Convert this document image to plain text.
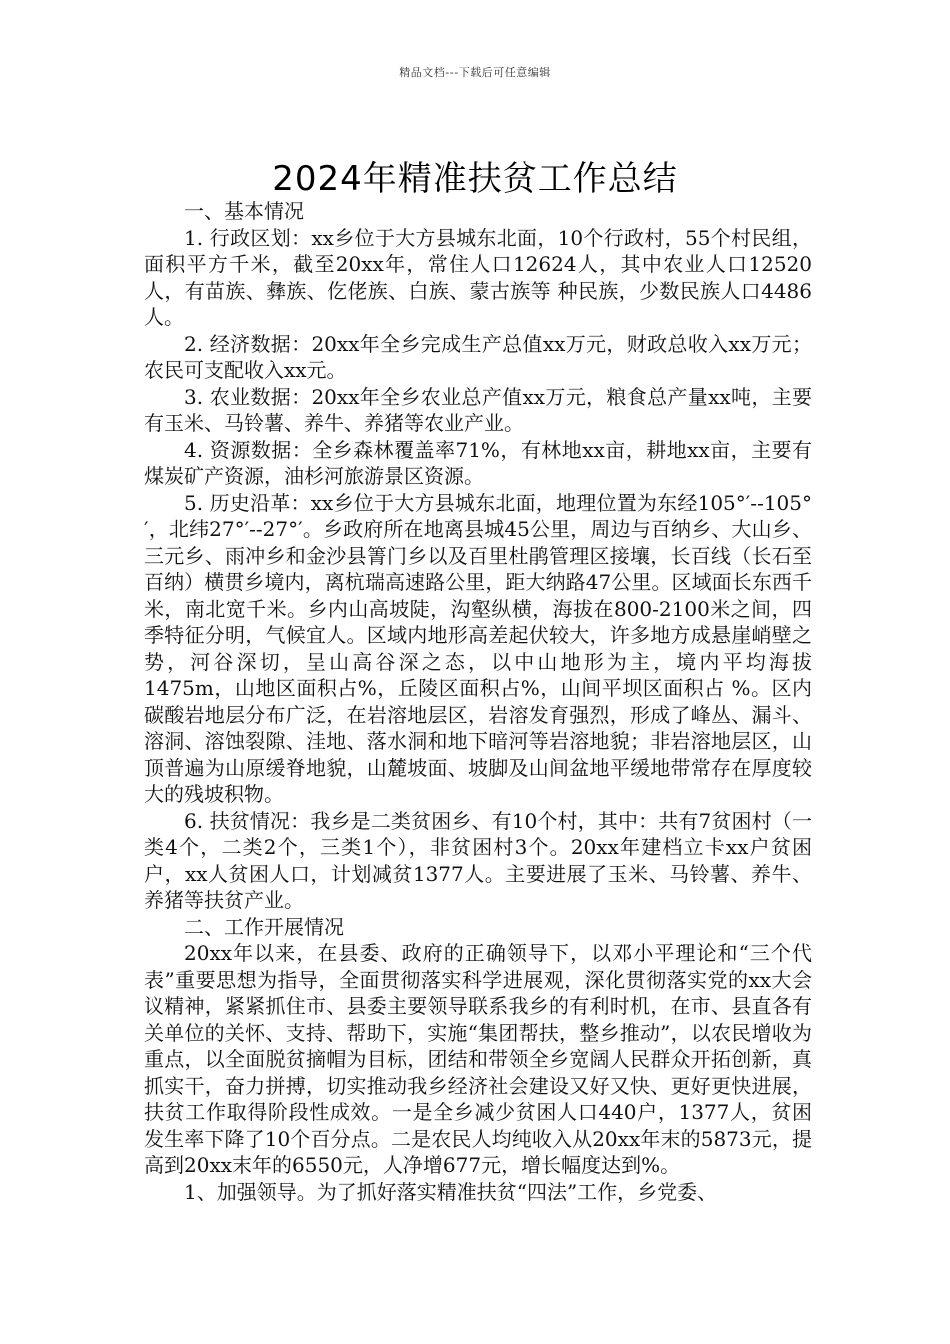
精品文档---下载后可任意编辑
2024年精准扶贫工作总结

一、基本情况

1. 行政区划：xx乡位于大方县城东北面，10个行政村，55个村民组，面积平方千米，截至20xx年，常住人口12624人，其中农业人口12520人，有苗族、彝族、仡佬族、白族、蒙古族等 种民族，少数民族人口4486人。

2. 经济数据：20xx年全乡完成生产总值xx万元，财政总收入xx万元；农民可支配收入xx元。

3. 农业数据：20xx年全乡农业总产值xx万元，粮食总产量xx吨，主要有玉米、马铃薯、养牛、养猪等农业产业。

4. 资源数据：全乡森林覆盖率71%，有林地xx亩，耕地xx亩，主要有煤炭矿产资源，油杉河旅游景区资源。

5. 历史沿革：xx乡位于大方县城东北面，地理位置为东经105°′--105°′，北纬27°′--27°′。乡政府所在地离县城45公里，周边与百纳乡、大山乡、三元乡、雨冲乡和金沙县箐门乡以及百里杜鹃管理区接壤，长百线（长石至百纳）横贯乡境内，离杭瑞高速路公里，距大纳路47公里。区域面长东西千米，南北宽千米。乡内山高坡陡，沟壑纵横，海拔在800-2100米之间，四季特征分明，气候宜人。区域内地形高差起伏较大，许多地方成悬崖峭壁之势，河谷深切，呈山高谷深之态，以中山地形为主，境内平均海拔1475m，山地区面积占%，丘陵区面积占%，山间平坝区面积占 %。区内碳酸岩地层分布广泛，在岩溶地层区，岩溶发育强烈，形成了峰丛、漏斗、溶洞、溶蚀裂隙、洼地、落水洞和地下暗河等岩溶地貌；非岩溶地层区，山顶普遍为山原缓脊地貌，山麓坡面、坡脚及山间盆地平缓地带常存在厚度较大的残坡积物。

6. 扶贫情况：我乡是二类贫困乡、有10个村，其中：共有7贫困村（一类4个，二类2个，三类1个），非贫困村3个。20xx年建档立卡xx户贫困户，xx人贫困人口，计划减贫1377人。主要进展了玉米、马铃薯、养牛、养猪等扶贫产业。

二、工作开展情况

20xx年以来，在县委、政府的正确领导下，以邓小平理论和“三个代表”重要思想为指导，全面贯彻落实科学进展观，深化贯彻落实党的xx大会议精神，紧紧抓住市、县委主要领导联系我乡的有利时机，在市、县直各有关单位的关怀、支持、帮助下，实施“集团帮扶，整乡推动”，以农民增收为重点，以全面脱贫摘帽为目标，团结和带领全乡宽阔人民群众开拓创新，真抓实干，奋力拼搏，切实推动我乡经济社会建设又好又快、更好更快进展，扶贫工作取得阶段性成效。一是全乡减少贫困人口440户，1377人，贫困发生率下降了10个百分点。二是农民人均纯收入从20xx年末的5873元，提高到20xx末年的6550元，人净增677元，增长幅度达到%。

1、加强领导。为了抓好落实精准扶贫“四法”工作，乡党委、
